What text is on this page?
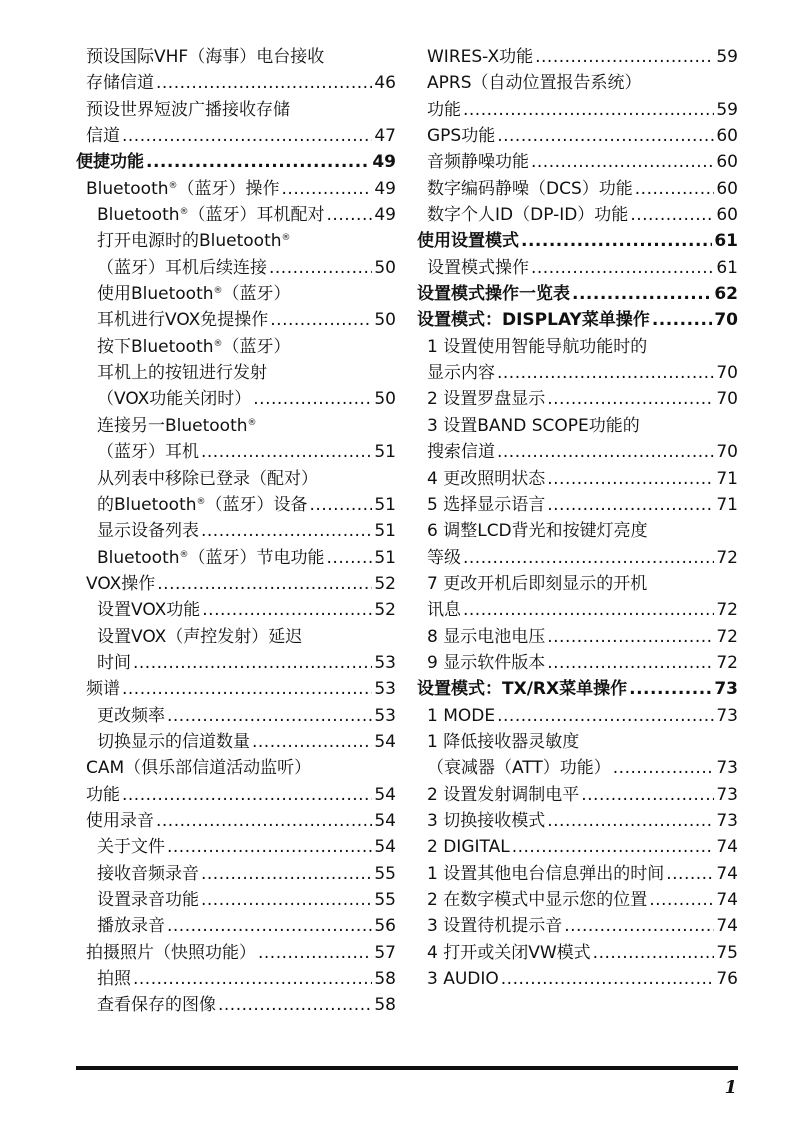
预设国际VHF（海事）电台接收
存储信道 .....	46
预设世界短波广播接收存储
信道 .....	47
便捷功能 .....	49
Bluetooth®（蓝牙）操作 .....	49
Bluetooth®（蓝牙）耳机配对 .....	49
打开电源时的Bluetooth®
（蓝牙）耳机后续连接 .....	50
使用Bluetooth®（蓝牙）
耳机进行VOX免提操作 .....	50
按下Bluetooth®（蓝牙）
耳机上的按钮进行发射
（VOX功能关闭时） .....	50
连接另一Bluetooth®
（蓝牙）耳机 .....	51
从列表中移除已登录（配对）
的Bluetooth®（蓝牙）设备 .....	51
显示设备列表 .....	51
Bluetooth®（蓝牙）节电功能 .....	51
VOX操作 .....	52
设置VOX功能 .....	52
设置VOX（声控发射）延迟
时间 .....	53
频谱 .....	53
更改频率 .....	53
切换显示的信道数量 .....	54
CAM（俱乐部信道活动监听）
功能 .....	54
使用录音 .....	54
关于文件 .....	54
接收音频录音 .....	55
设置录音功能 .....	55
播放录音 .....	56
拍摄照片（快照功能） .....	57
拍照 .....	58
查看保存的图像 .....	58
WIRES-X功能 .....	59
APRS（自动位置报告系统）
功能 .....	59
GPS功能 .....	60
音频静噪功能 .....	60
数字编码静噪（DCS）功能 .....	60
数字个人ID（DP-ID）功能 .....	60
使用设置模式 .....	61
设置模式操作 .....	61
设置模式操作一览表 .....	62
设置模式：DISPLAY菜单操作 .....	70
1 设置使用智能导航功能时的
显示内容 .....	70
2 设置罗盘显示 .....	70
3 设置BAND SCOPE功能的
搜索信道 .....	70
4 更改照明状态 .....	71
5 选择显示语言 .....	71
6 调整LCD背光和按键灯亮度
等级 .....	72
7 更改开机后即刻显示的开机
讯息 .....	72
8 显示电池电压 .....	72
9 显示软件版本 .....	72
设置模式：TX/RX菜单操作 .....	73
1 MODE .....	73
1 降低接收器灵敏度
（衰减器（ATT）功能） .....	73
2 设置发射调制电平 .....	73
3 切换接收模式 .....	73
2 DIGITAL .....	74
1 设置其他电台信息弹出的时间 .....	74
2 在数字模式中显示您的位置 .....	74
3 设置待机提示音 .....	74
4 打开或关闭VW模式 .....	75
3 AUDIO .....	76
1
